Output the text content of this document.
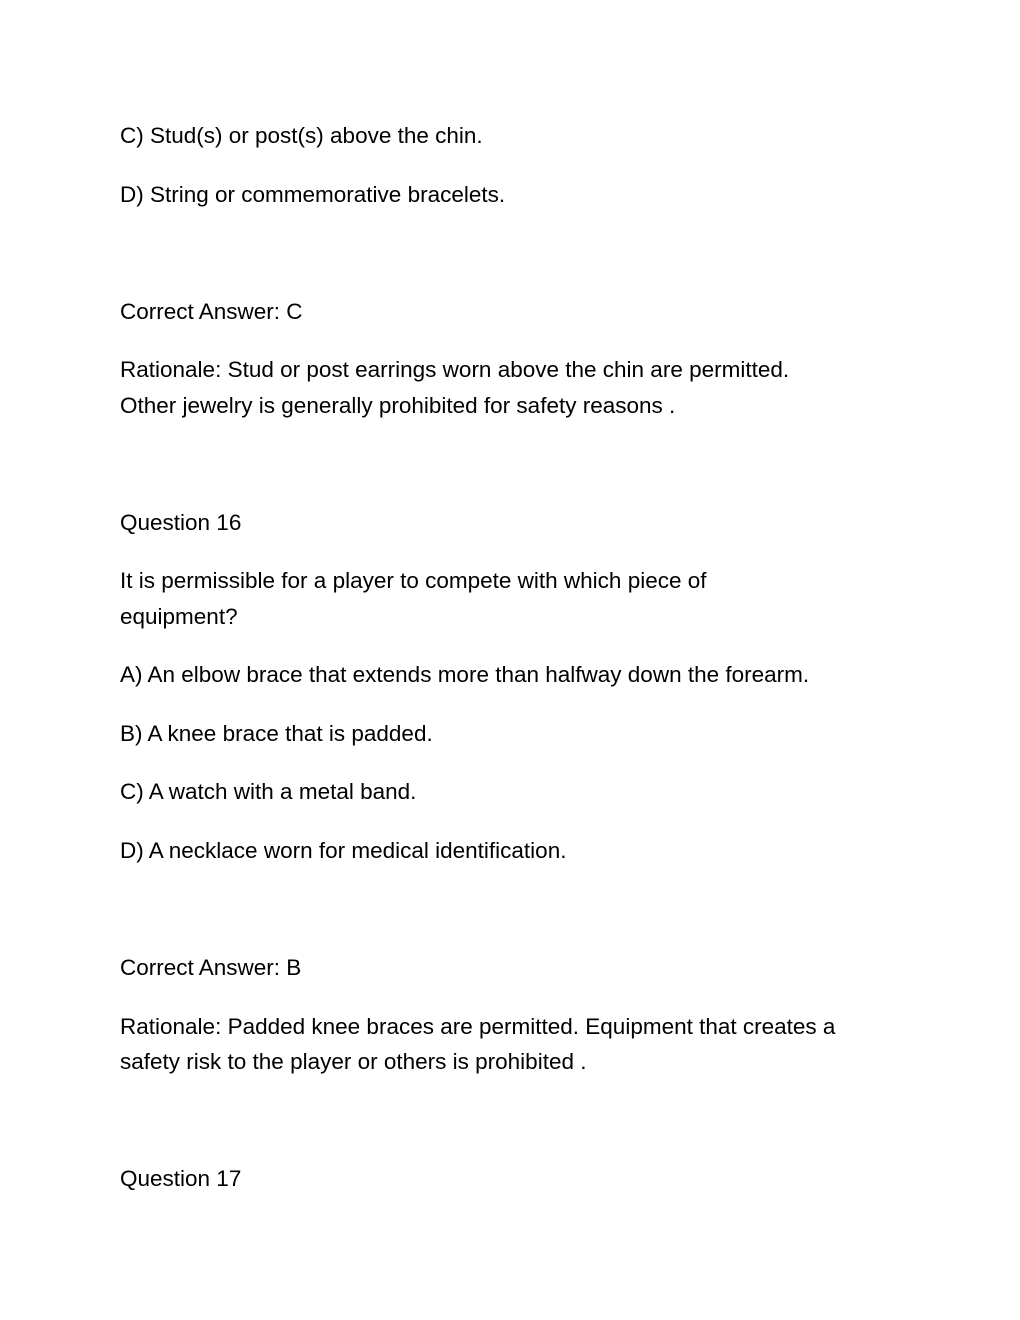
C) Stud(s) or post(s) above the chin.

D) String or commemorative bracelets.

Correct Answer: C

Rationale: Stud or post earrings worn above the chin are permitted.

Other jewelry is generally prohibited for safety reasons .

Question 16

It is permissible for a player to compete with which piece of

equipment?

A) An elbow brace that extends more than halfway down the forearm.

B) A knee brace that is padded.

C) A watch with a metal band.

D) A necklace worn for medical identification.

Correct Answer: B

Rationale: Padded knee braces are permitted. Equipment that creates a

safety risk to the player or others is prohibited .

Question 17
